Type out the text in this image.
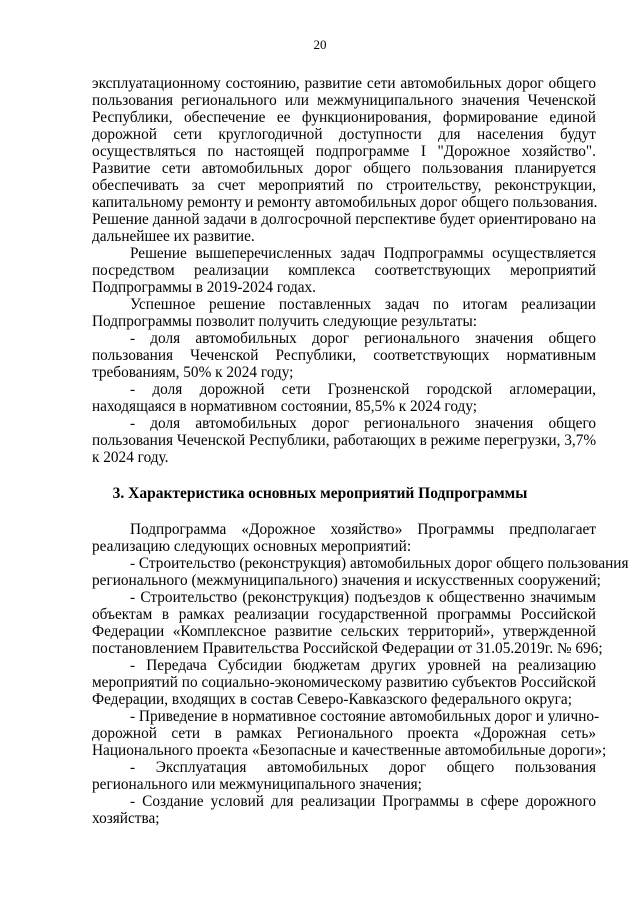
20
эксплуатационному состоянию, развитие сети автомобильных дорог общего
пользования регионального или межмуниципального значения Чеченской
Республики, обеспечение ее функционирования, формирование единой
дорожной сети круглогодичной доступности для населения будут
осуществляться по настоящей подпрограмме I "Дорожное хозяйство".
Развитие сети автомобильных дорог общего пользования планируется
обеспечивать за счет мероприятий по строительству, реконструкции,
капитальному ремонту и ремонту автомобильных дорог общего пользования.
Решение данной задачи в долгосрочной перспективе будет ориентировано на
дальнейшее их развитие.
Решение вышеперечисленных задач Подпрограммы осуществляется
посредством реализации комплекса соответствующих мероприятий
Подпрограммы в 2019-2024 годах.
Успешное решение поставленных задач по итогам реализации
Подпрограммы позволит получить следующие результаты:
- доля автомобильных дорог регионального значения общего
пользования Чеченской Республики, соответствующих нормативным
требованиям, 50% к 2024 году;
- доля дорожной сети Грозненской городской агломерации,
находящаяся в нормативном состоянии, 85,5% к 2024 году;
- доля автомобильных дорог регионального значения общего
пользования Чеченской Республики, работающих в режиме перегрузки, 3,7%
к 2024 году.
3. Характеристика основных мероприятий Подпрограммы
Подпрограмма «Дорожное хозяйство» Программы предполагает
реализацию следующих основных мероприятий:
- Строительство (реконструкция) автомобильных дорог общего пользования
регионального (межмуниципального) значения и искусственных сооружений;
- Строительство (реконструкция) подъездов к общественно значимым
объектам в рамках реализации государственной программы Российской
Федерации «Комплексное развитие сельских территорий», утвержденной
постановлением Правительства Российской Федерации от 31.05.2019г. № 696;
- Передача Субсидии бюджетам других уровней на реализацию
мероприятий по социально-экономическому развитию субъектов Российской
Федерации, входящих в состав Северо-Кавказского федерального округа;
- Приведение в нормативное состояние автомобильных дорог и улично-
дорожной сети в рамках Регионального проекта «Дорожная сеть»
Национального проекта «Безопасные и качественные автомобильные дороги»;
- Эксплуатация автомобильных дорог общего пользования
регионального или межмуниципального значения;
- Создание условий для реализации Программы в сфере дорожного
хозяйства;
